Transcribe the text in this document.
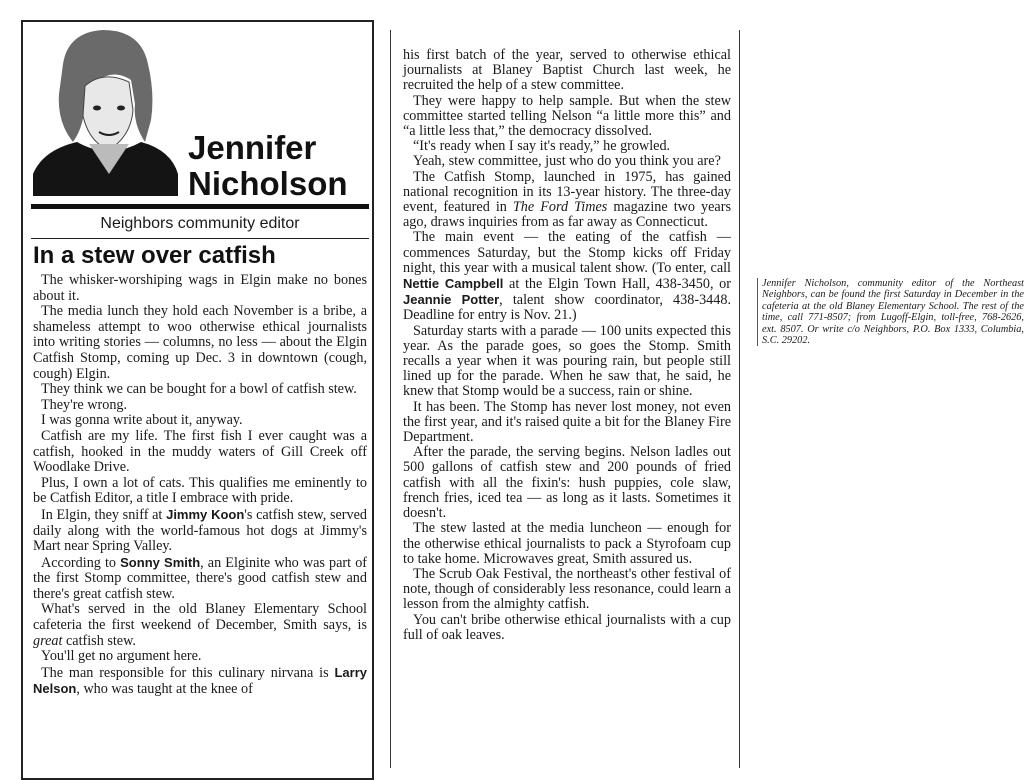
Jennifer
Nicholson
Neighbors community editor
In a stew over catfish

The whisker-worshiping wags in Elgin make no bones about it.

The media lunch they hold each November is a bribe, a shameless attempt to woo otherwise ethical journalists into writing stories — columns, no less — about the Elgin Catfish Stomp, coming up Dec. 3 in downtown (cough, cough) Elgin.

They think we can be bought for a bowl of catfish stew.

They're wrong.

I was gonna write about it, anyway.

Catfish are my life. The first fish I ever caught was a catfish, hooked in the muddy waters of Gill Creek off Woodlake Drive.

Plus, I own a lot of cats. This qualifies me eminently to be Catfish Editor, a title I embrace with pride.

In Elgin, they sniff at Jimmy Koon's catfish stew, served daily along with the world-famous hot dogs at Jimmy's Mart near Spring Valley.

According to Sonny Smith, an Elginite who was part of the first Stomp committee, there's good catfish stew and there's great catfish stew.

What's served in the old Blaney Elementary School cafeteria the first weekend of December, Smith says, is great catfish stew.

You'll get no argument here.

The man responsible for this culinary nirvana is Larry Nelson, who was taught at the knee of

his first batch of the year, served to otherwise ethical journalists at Blaney Baptist Church last week, he recruited the help of a stew committee.

They were happy to help sample. But when the stew committee started telling Nelson “a little more this” and “a little less that,” the democracy dissolved.

“It's ready when I say it's ready,” he growled.

Yeah, stew committee, just who do you think you are?

The Catfish Stomp, launched in 1975, has gained national recognition in its 13-year history. The three-day event, featured in The Ford Times magazine two years ago, draws inquiries from as far away as Connecticut.

The main event — the eating of the catfish — commences Saturday, but the Stomp kicks off Friday night, this year with a musical talent show. (To enter, call Nettie Campbell at the Elgin Town Hall, 438-3450, or Jeannie Potter, talent show coordinator, 438-3448. Deadline for entry is Nov. 21.)

Saturday starts with a parade — 100 units expected this year. As the parade goes, so goes the Stomp. Smith recalls a year when it was pouring rain, but people still lined up for the parade. When he saw that, he said, he knew that Stomp would be a success, rain or shine.

It has been. The Stomp has never lost money, not even the first year, and it's raised quite a bit for the Blaney Fire Department.

After the parade, the serving begins. Nelson ladles out 500 gallons of catfish stew and 200 pounds of fried catfish with all the fixin's: hush puppies, cole slaw, french fries, iced tea — as long as it lasts. Sometimes it doesn't.

The stew lasted at the media luncheon — enough for the otherwise ethical journalists to pack a Styrofoam cup to take home. Microwaves great, Smith assured us.

The Scrub Oak Festival, the northeast's other festival of note, though of considerably less resonance, could learn a lesson from the almighty catfish.

You can't bribe otherwise ethical journalists with a cup full of oak leaves.

Jennifer Nicholson, community editor of the Northeast Neighbors, can be found the first Saturday in December in the cafeteria at the old Blaney Elementary School. The rest of the time, call 771-8507; from Lugoff-Elgin, toll-free, 768-2626, ext. 8507. Or write c/o Neighbors, P.O. Box 1333, Columbia, S.C. 29202.
